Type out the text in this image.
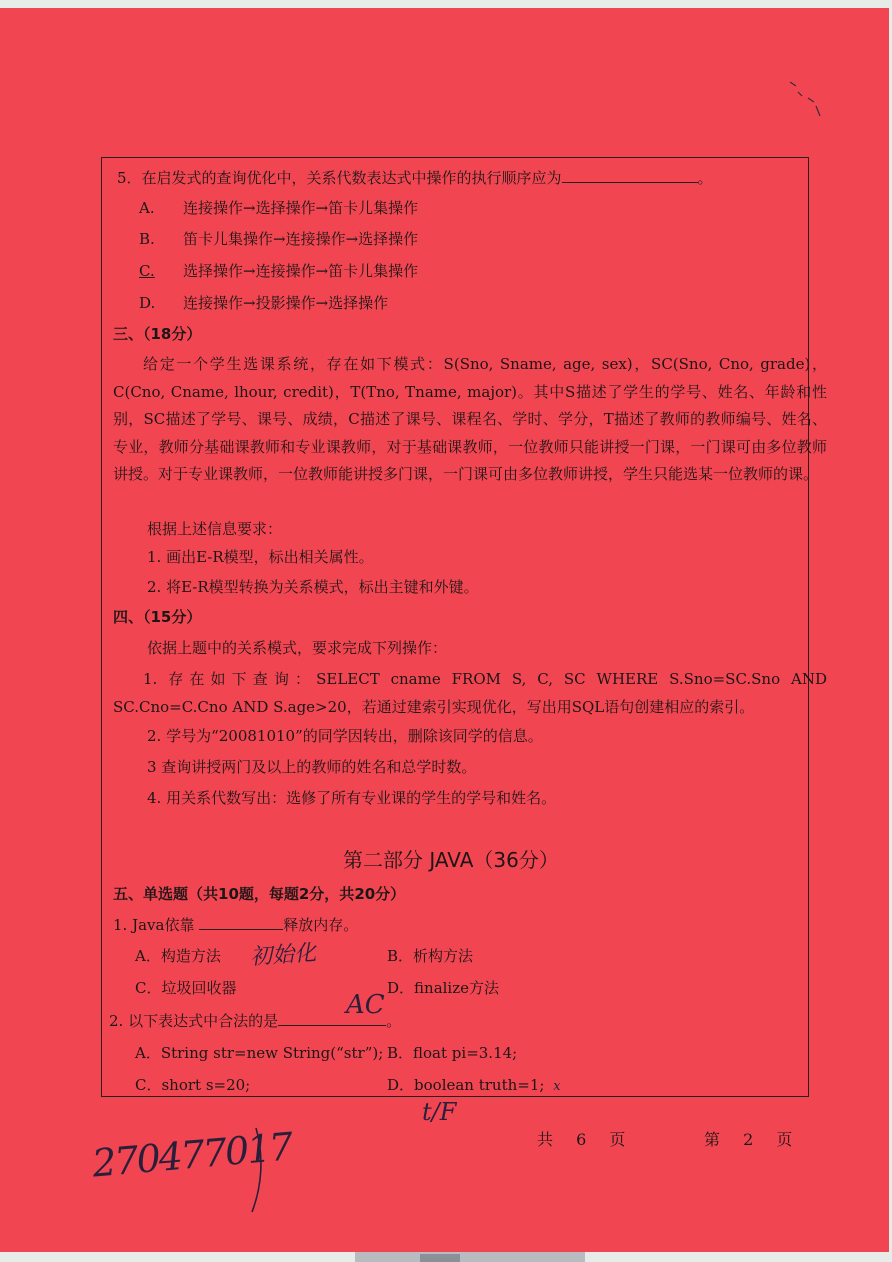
5．在启发式的查询优化中，关系代数表达式中操作的执行顺序应为	。
A. 连接操作→选择操作→笛卡儿集操作
B. 笛卡儿集操作→连接操作→选择操作
C. 选择操作→连接操作→笛卡儿集操作
D. 连接操作→投影操作→选择操作
三、（18分）
给定一个学生选课系统，存在如下模式：S(Sno, Sname, age, sex)，SC(Sno, Cno, grade)，C(Cno, Cname, lhour, credit)，T(Tno, Tname, major)。其中S描述了学生的学号、姓名、年龄和性别，SC描述了学号、课号、成绩，C描述了课号、课程名、学时、学分，T描述了教师的教师编号、姓名、专业，教师分基础课教师和专业课教师，对于基础课教师，一位教师只能讲授一门课，一门课可由多位教师讲授。对于专业课教师，一位教师能讲授多门课，一门课可由多位教师讲授，学生只能选某一位教师的课。
根据上述信息要求：
1. 画出E-R模型，标出相关属性。
2. 将E-R模型转换为关系模式，标出主键和外键。
四、（15分）
依据上题中的关系模式，要求完成下列操作：
1. 存在如下查询：SELECT cname FROM S, C, SC WHERE S.Sno=SC.Sno AND SC.Cno=C.Cno AND S.age>20，若通过建索引实现优化，写出用SQL语句创建相应的索引。
2. 学号为“20081010”的同学因转出，删除该同学的信息。
3 查询讲授两门及以上的教师的姓名和总学时数。
4. 用关系代数写出：选修了所有专业课的学生的学号和姓名。
第二部分 JAVA（36分）
五、单选题（共10题，每题2分，共20分）
1. Java依靠	释放内存。
A．构造方法 初始化	B．析构方法
C．垃圾回收器	D．finalize方法
2. 以下表达式中合法的是	。
AC
A．String str=new String(“str”); B．float pi=3.14;
C．short s=20;	D．boolean truth=1; x
t/F
270477017	共 6 页	第 2 页
